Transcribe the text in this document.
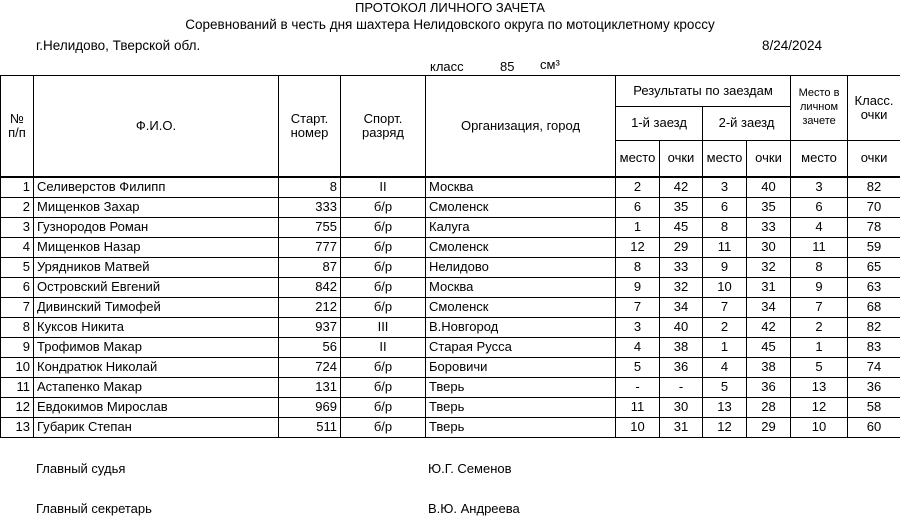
ПРОТОКОЛ ЛИЧНОГО ЗАЧЕТА
Соревнований в честь дня шахтера Нелидовского округа по мотоциклетному кроссу
г.Нелидово, Тверской обл.	8/24/2024
класс	85 см³
№ п/п	Ф.И.О.	Старт. номер	Спорт. разряд	Организация, город	Результаты по заездам				Место в личном зачете	Класс. очки
					1-й заезд		2-й заезд			
					место	очки	место	очки	место	очки
1	Селиверстов Филипп	8	II	Москва	2	42	3	40	3	82
2	Мищенков Захар	333	б/р	Смоленск	6	35	6	35	6	70
3	Гузнородов Роман	755	б/р	Калуга	1	45	8	33	4	78
4	Мищенков Назар	777	б/р	Смоленск	12	29	11	30	11	59
5	Урядников Матвей	87	б/р	Нелидово	8	33	9	32	8	65
6	Островский Евгений	842	б/р	Москва	9	32	10	31	9	63
7	Дивинский Тимофей	212	б/р	Смоленск	7	34	7	34	7	68
8	Куксов Никита	937	III	В.Новгород	3	40	2	42	2	82
9	Трофимов Макар	56	II	Старая Русса	4	38	1	45	1	83
10	Кондратюк Николай	724	б/р	Боровичи	5	36	4	38	5	74
11	Астапенко Макар	131	б/р	Тверь	-	-	5	36	13	36
12	Евдокимов Мирослав	969	б/р	Тверь	11	30	13	28	12	58
13	Губарик Степан	511	б/р	Тверь	10	31	12	29	10	60
Главный судья	Ю.Г. Семенов
Главный секретарь	В.Ю. Андреева
